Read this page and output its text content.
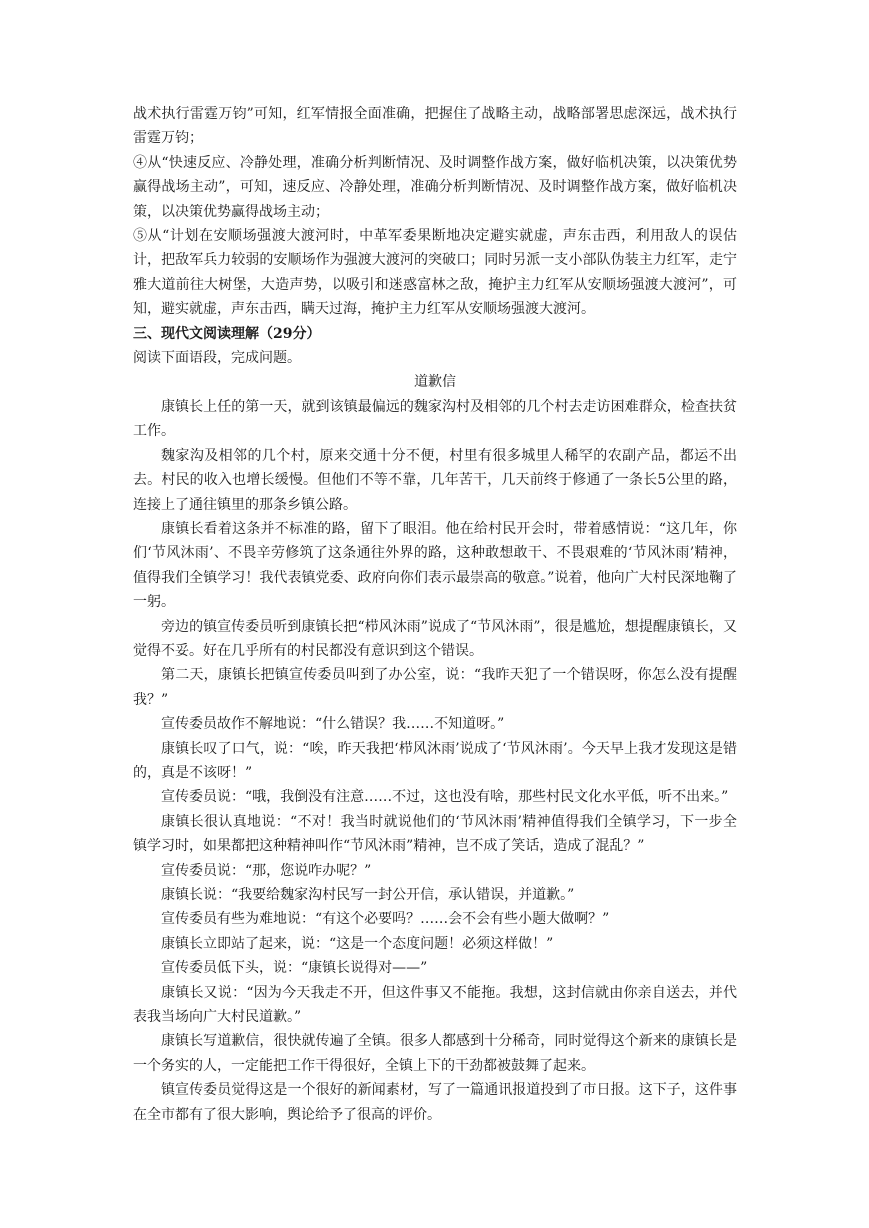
战术执行雷霆万钧”可知，红军情报全面准确，把握住了战略主动，战略部署思虑深远，战术执行雷霆万钧；

④从“快速反应、冷静处理，准确分析判断情况、及时调整作战方案，做好临机决策，以决策优势赢得战场主动”，可知，速反应、冷静处理，准确分析判断情况、及时调整作战方案，做好临机决策，以决策优势赢得战场主动；

⑤从“计划在安顺场强渡大渡河时，中革军委果断地决定避实就虚，声东击西，利用敌人的误估计，把敌军兵力较弱的安顺场作为强渡大渡河的突破口；同时另派一支小部队伪装主力红军，走宁雅大道前往大树堡，大造声势，以吸引和迷惑富林之敌，掩护主力红军从安顺场强渡大渡河”，可知，避实就虚，声东击西，瞒天过海，掩护主力红军从安顺场强渡大渡河。

三、现代文阅读理解（29分）

阅读下面语段，完成问题。

道歉信

康镇长上任的第一天，就到该镇最偏远的魏家沟村及相邻的几个村去走访困难群众，检查扶贫工作。

魏家沟及相邻的几个村，原来交通十分不便，村里有很多城里人稀罕的农副产品，都运不出去。村民的收入也增长缓慢。但他们不等不靠，几年苦干，几天前终于修通了一条长5公里的路，连接上了通往镇里的那条乡镇公路。

康镇长看着这条并不标准的路，留下了眼泪。他在给村民开会时，带着感情说：“这几年，你们‘节风沐雨’、不畏辛劳修筑了这条通往外界的路，这种敢想敢干、不畏艰难的‘节风沐雨’精神，值得我们全镇学习！我代表镇党委、政府向你们表示最崇高的敬意。”说着，他向广大村民深地鞠了一躬。

旁边的镇宣传委员听到康镇长把“栉风沐雨”说成了“节风沐雨”，很是尴尬，想提醒康镇长，又觉得不妥。好在几乎所有的村民都没有意识到这个错误。

第二天，康镇长把镇宣传委员叫到了办公室，说：“我昨天犯了一个错误呀，你怎么没有提醒我？”

宣传委员故作不解地说：“什么错误？我……不知道呀。”

康镇长叹了口气，说：“唉，昨天我把‘栉风沐雨’说成了‘节风沐雨’。今天早上我才发现这是错的，真是不该呀！”

宣传委员说：“哦，我倒没有注意……不过，这也没有啥，那些村民文化水平低，听不出来。”

康镇长很认真地说：“不对！我当时就说他们的‘节风沐雨’精神值得我们全镇学习，下一步全镇学习时，如果都把这种精神叫作“节风沐雨”精神，岂不成了笑话，造成了混乱？”

宣传委员说：“那，您说咋办呢？”

康镇长说：“我要给魏家沟村民写一封公开信，承认错误，并道歉。”

宣传委员有些为难地说：“有这个必要吗？……会不会有些小题大做啊？”

康镇长立即站了起来，说：“这是一个态度问题！必须这样做！”

宣传委员低下头，说：“康镇长说得对——”

康镇长又说：“因为今天我走不开，但这件事又不能拖。我想，这封信就由你亲自送去，并代表我当场向广大村民道歉。”

康镇长写道歉信，很快就传遍了全镇。很多人都感到十分稀奇，同时觉得这个新来的康镇长是一个务实的人，一定能把工作干得很好，全镇上下的干劲都被鼓舞了起来。

镇宣传委员觉得这是一个很好的新闻素材，写了一篇通讯报道投到了市日报。这下子，这件事在全市都有了很大影响，舆论给予了很高的评价。
